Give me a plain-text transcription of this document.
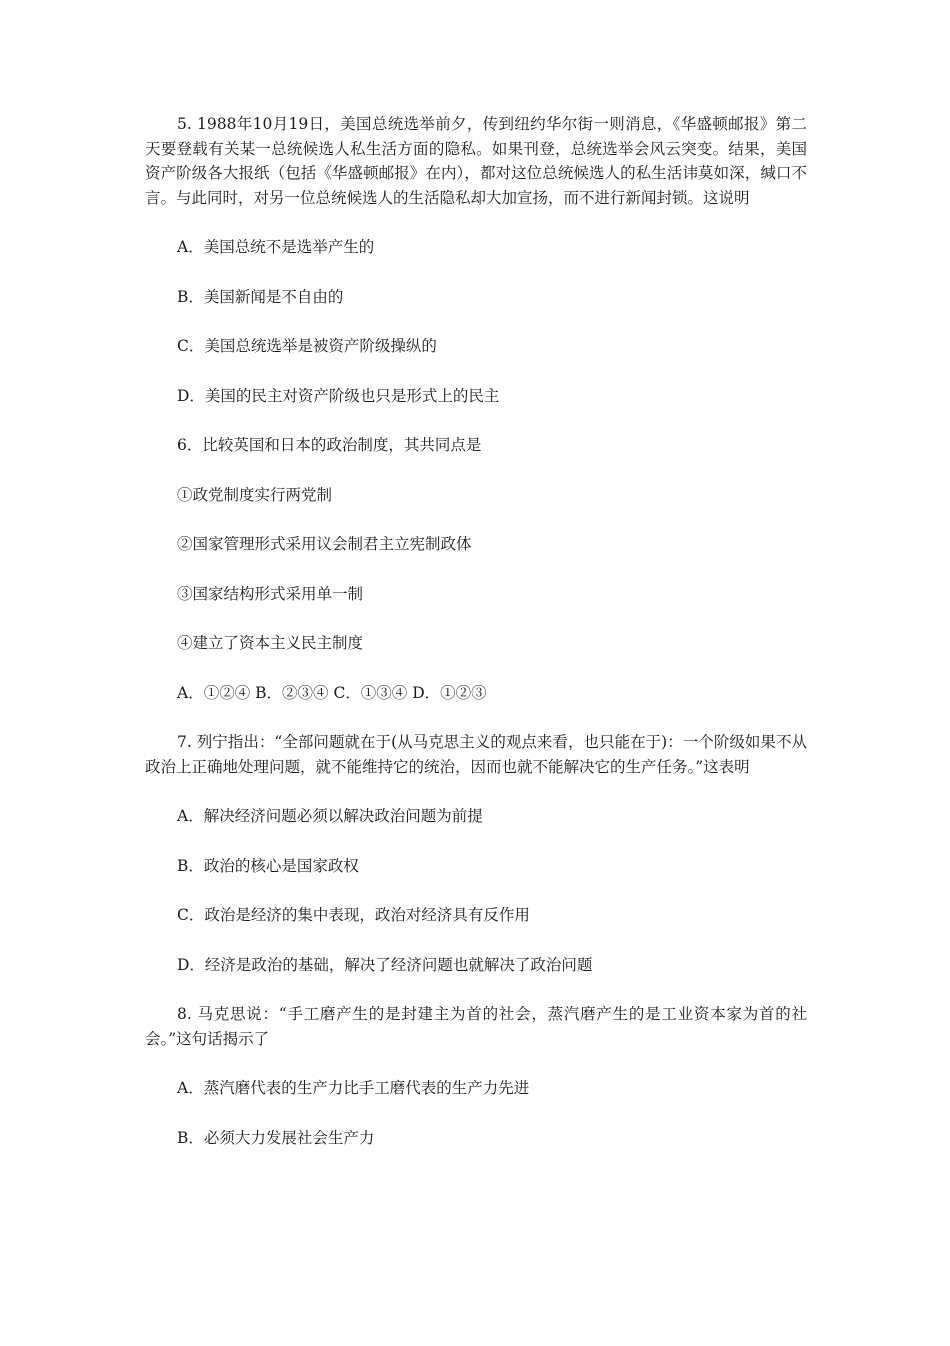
5. 1988年10月19日，美国总统选举前夕，传到纽约华尔街一则消息，《华盛顿邮报》第二天要登载有关某一总统候选人私生活方面的隐私。如果刊登，总统选举会风云突变。结果，美国资产阶级各大报纸（包括《华盛顿邮报》在内），都对这位总统候选人的私生活讳莫如深，缄口不言。与此同时，对另一位总统候选人的生活隐私却大加宣扬，而不进行新闻封锁。这说明

A．美国总统不是选举产生的

B．美国新闻是不自由的

C．美国总统选举是被资产阶级操纵的

D．美国的民主对资产阶级也只是形式上的民主

6．比较英国和日本的政治制度，其共同点是

①政党制度实行两党制

②国家管理形式采用议会制君主立宪制政体

③国家结构形式采用单一制

④建立了资本主义民主制度

A．①②④ B．②③④ C．①③④ D．①②③

7. 列宁指出：“全部问题就在于(从马克思主义的观点来看，也只能在于)：一个阶级如果不从政治上正确地处理问题，就不能维持它的统治，因而也就不能解决它的生产任务。”这表明

A．解决经济问题必须以解决政治问题为前提

B．政治的核心是国家政权

C．政治是经济的集中表现，政治对经济具有反作用

D．经济是政治的基础，解决了经济问题也就解决了政治问题

8. 马克思说：“手工磨产生的是封建主为首的社会，蒸汽磨产生的是工业资本家为首的社会。”这句话揭示了

A．蒸汽磨代表的生产力比手工磨代表的生产力先进

B．必须大力发展社会生产力
